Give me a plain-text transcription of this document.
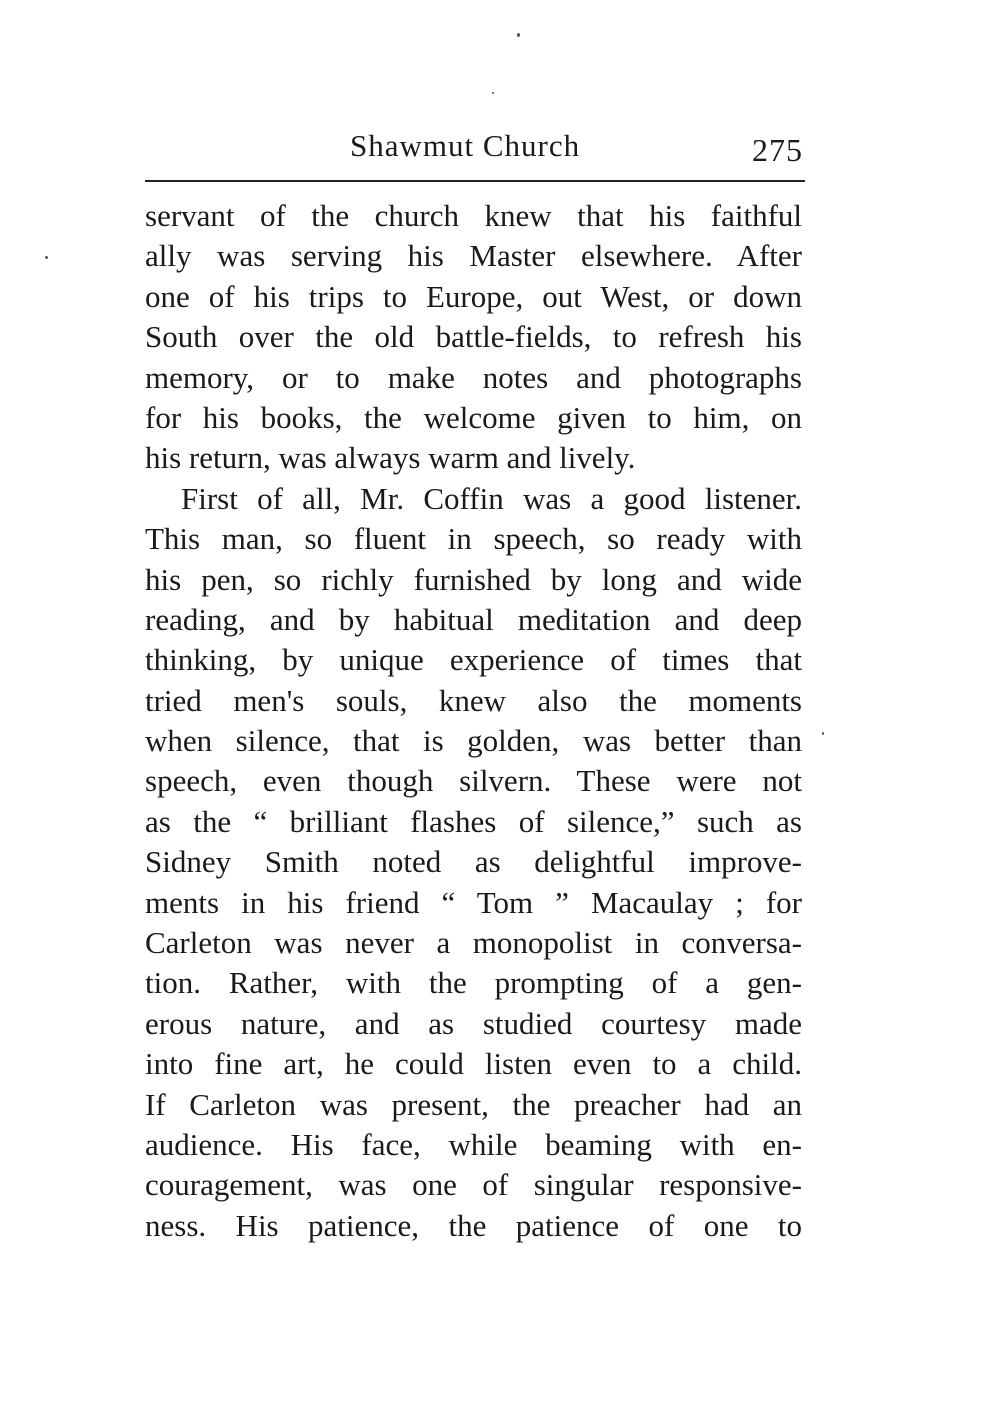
Shawmut Church	275
servant of the church knew that his faithful
ally was serving his Master elsewhere. After
one of his trips to Europe, out West, or down
South over the old battle-fields, to refresh his
memory, or to make notes and photographs
for his books, the welcome given to him, on
his return, was always warm and lively.
First of all, Mr. Coffin was a good listener.
This man, so fluent in speech, so ready with
his pen, so richly furnished by long and wide
reading, and by habitual meditation and deep
thinking, by unique experience of times that
tried men's souls, knew also the moments
when silence, that is golden, was better than
speech, even though silvern. These were not
as the “ brilliant flashes of silence,” such as
Sidney Smith noted as delightful improve-
ments in his friend “ Tom ” Macaulay ; for
Carleton was never a monopolist in conversa-
tion. Rather, with the prompting of a gen-
erous nature, and as studied courtesy made
into fine art, he could listen even to a child.
If Carleton was present, the preacher had an
audience. His face, while beaming with en-
couragement, was one of singular responsive-
ness. His patience, the patience of one to
